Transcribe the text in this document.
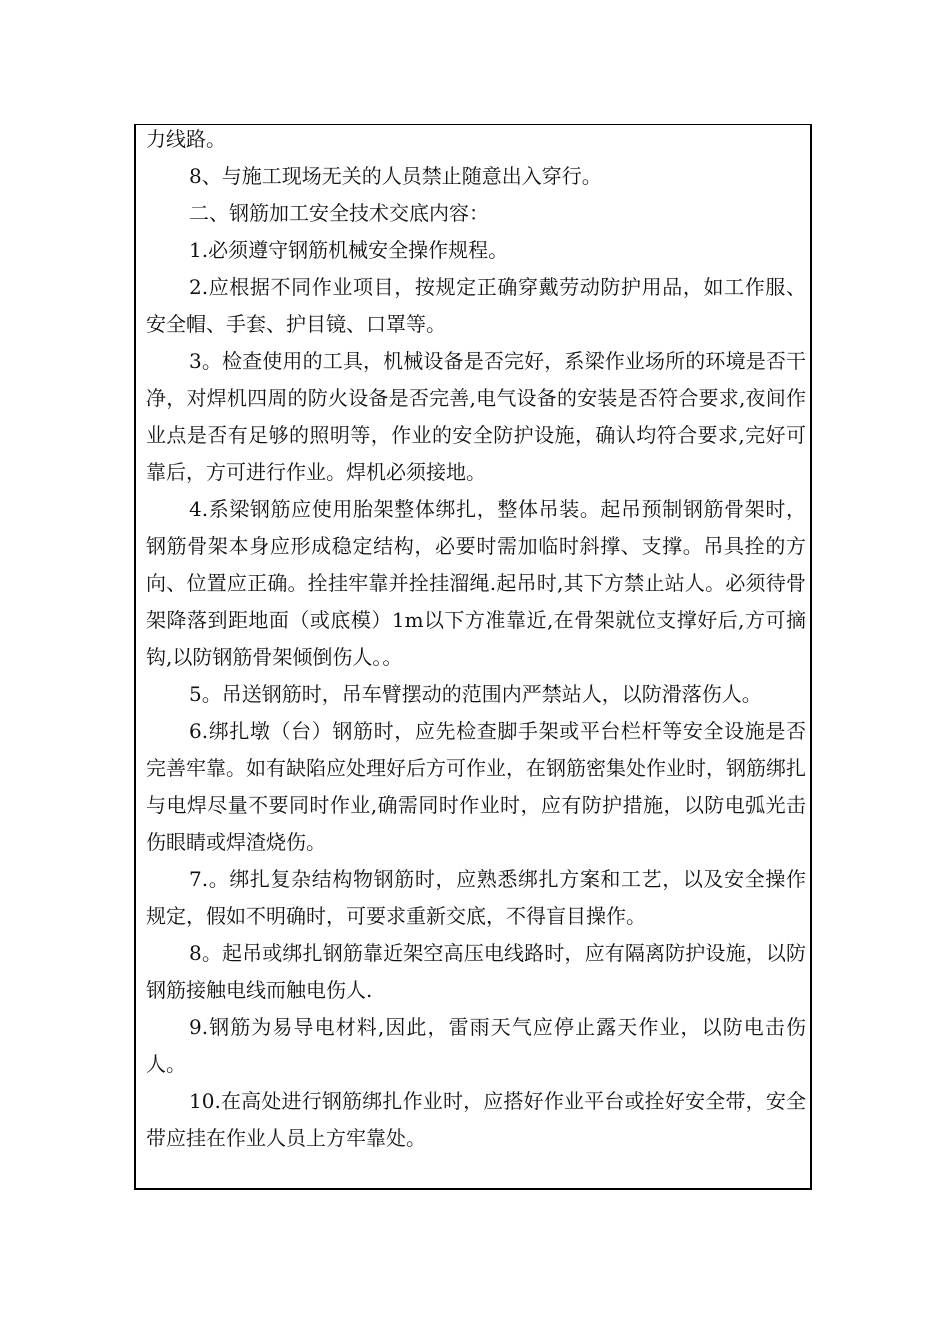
力线路。

8、与施工现场无关的人员禁止随意出入穿行。

二、钢筋加工安全技术交底内容：

1.必须遵守钢筋机械安全操作规程。

2.应根据不同作业项目，按规定正确穿戴劳动防护用品，如工作服、安全帽、手套、护目镜、口罩等。

3。检查使用的工具，机械设备是否完好，系梁作业场所的环境是否干净，对焊机四周的防火设备是否完善,电气设备的安装是否符合要求,夜间作业点是否有足够的照明等，作业的安全防护设施，确认均符合要求,完好可靠后，方可进行作业。焊机必须接地。

4.系梁钢筋应使用胎架整体绑扎，整体吊装。起吊预制钢筋骨架时，钢筋骨架本身应形成稳定结构，必要时需加临时斜撑、支撑。吊具拴的方向、位置应正确。拴挂牢靠并拴挂溜绳.起吊时,其下方禁止站人。必须待骨架降落到距地面（或底模）1m以下方准靠近,在骨架就位支撑好后,方可摘钩,以防钢筋骨架倾倒伤人。。

5。吊送钢筋时，吊车臂摆动的范围内严禁站人，以防滑落伤人。

6.绑扎墩（台）钢筋时，应先检查脚手架或平台栏杆等安全设施是否完善牢靠。如有缺陷应处理好后方可作业，在钢筋密集处作业时，钢筋绑扎与电焊尽量不要同时作业,确需同时作业时，应有防护措施，以防电弧光击伤眼睛或焊渣烧伤。

7.。绑扎复杂结构物钢筋时，应熟悉绑扎方案和工艺，以及安全操作规定，假如不明确时，可要求重新交底，不得盲目操作。

8。起吊或绑扎钢筋靠近架空高压电线路时，应有隔离防护设施，以防钢筋接触电线而触电伤人.

9.钢筋为易导电材料,因此，雷雨天气应停止露天作业，以防电击伤人。

10.在高处进行钢筋绑扎作业时，应搭好作业平台或拴好安全带，安全带应挂在作业人员上方牢靠处。
